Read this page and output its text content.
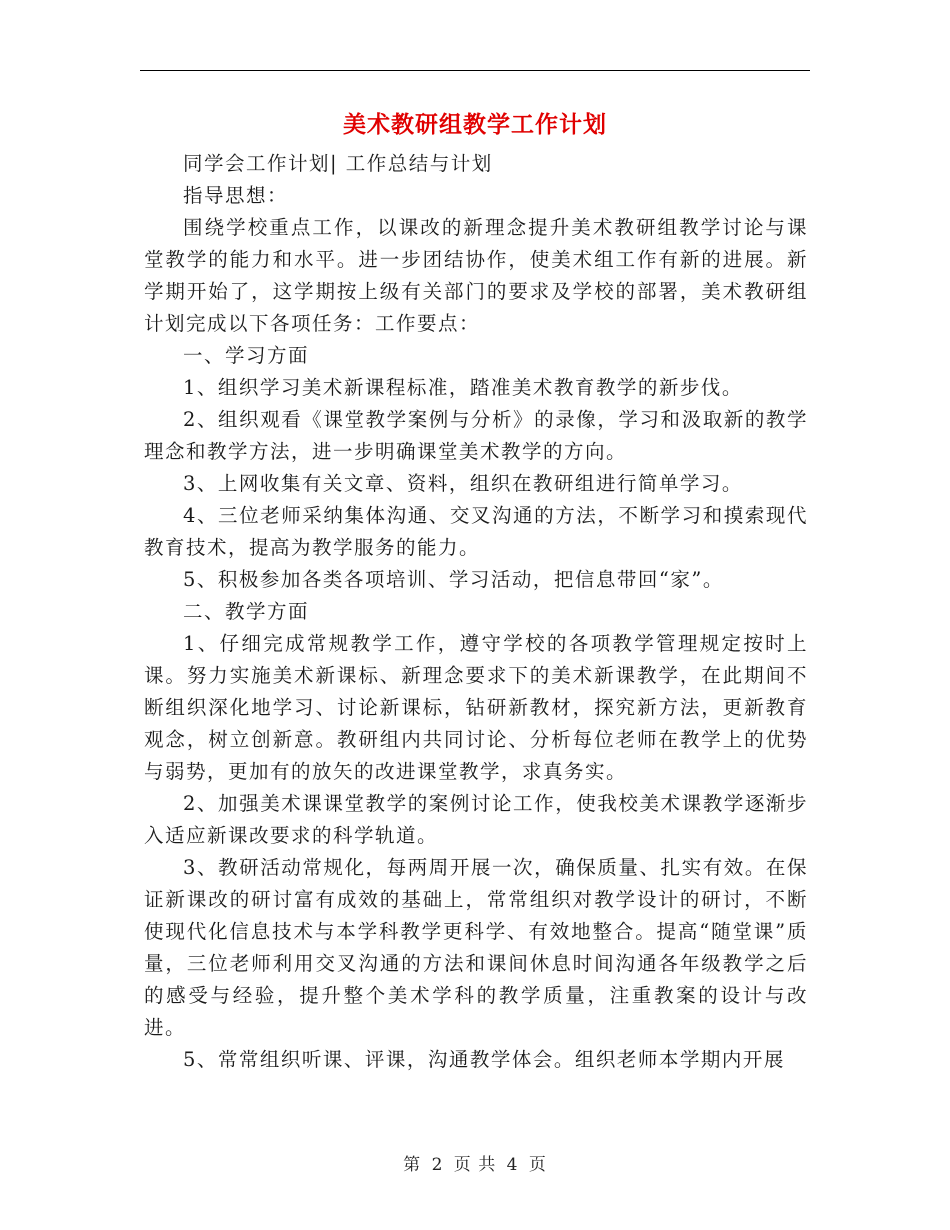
美术教研组教学工作计划

同学会工作计划| 工作总结与计划

指导思想：

围绕学校重点工作，以课改的新理念提升美术教研组教学讨论与课堂教学的能力和水平。进一步团结协作，使美术组工作有新的进展。新学期开始了，这学期按上级有关部门的要求及学校的部署，美术教研组计划完成以下各项任务：工作要点：

一、学习方面

1、组织学习美术新课程标准，踏准美术教育教学的新步伐。

2、组织观看《课堂教学案例与分析》的录像，学习和汲取新的教学理念和教学方法，进一步明确课堂美术教学的方向。

3、上网收集有关文章、资料，组织在教研组进行简单学习。

4、三位老师采纳集体沟通、交叉沟通的方法，不断学习和摸索现代教育技术，提高为教学服务的能力。

5、积极参加各类各项培训、学习活动，把信息带回“家”。

二、教学方面

1、仔细完成常规教学工作，遵守学校的各项教学管理规定按时上课。努力实施美术新课标、新理念要求下的美术新课教学，在此期间不断组织深化地学习、讨论新课标，钻研新教材，探究新方法，更新教育观念，树立创新意。教研组内共同讨论、分析每位老师在教学上的优势与弱势，更加有的放矢的改进课堂教学，求真务实。

2、加强美术课课堂教学的案例讨论工作，使我校美术课教学逐渐步入适应新课改要求的科学轨道。

3、教研活动常规化，每两周开展一次，确保质量、扎实有效。在保证新课改的研讨富有成效的基础上，常常组织对教学设计的研讨，不断使现代化信息技术与本学科教学更科学、有效地整合。提高“随堂课”质量，三位老师利用交叉沟通的方法和课间休息时间沟通各年级教学之后的感受与经验，提升整个美术学科的教学质量，注重教案的设计与改进。

5、常常组织听课、评课，沟通教学体会。组织老师本学期内开展

第 2 页 共 4 页
